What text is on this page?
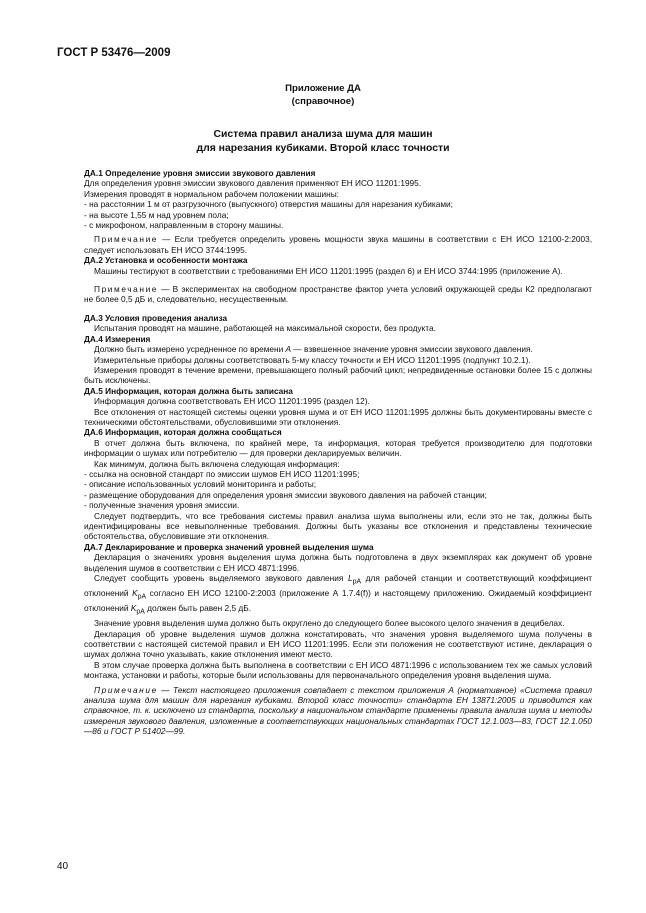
ГОСТ Р 53476—2009
Приложение ДА
(справочное)
Система правил анализа шума для машин
для нарезания кубиками. Второй класс точности

ДА.1 Определение уровня эмиссии звукового давления

Для определения уровня эмиссии звукового давления применяют ЕН ИСО 11201:1995.

Измерения проводят в нормальном рабочем положении машины:

- на расстоянии 1 м от разгрузочного (выпускного) отверстия машины для нарезания кубиками;

- на высоте 1,55 м над уровнем пола;

- с микрофоном, направленным в сторону машины.

Примечание — Если требуется определить уровень мощности звука машины в соответствии с ЕН ИСО 12100-2:2003, следует использовать ЕН ИСО 3744:1995.

ДА.2 Установка и особенности монтажа

Машины тестируют в соответствии с требованиями ЕН ИСО 11201:1995 (раздел 6) и ЕН ИСО 3744:1995 (приложение А).

Примечание — В экспериментах на свободном пространстве фактор учета условий окружающей среды К2 предполагают не более 0,5 дБ и, следовательно, несущественным.

ДА.3 Условия проведения анализа

Испытания проводят на машине, работающей на максимальной скорости, без продукта.

ДА.4 Измерения

Должно быть измерено усредненное по времени A — взвешенное значение уровня эмиссии звукового давления.

Измерительные приборы должны соответствовать 5-му классу точности и ЕН ИСО 11201:1995 (подпункт 10.2.1).

Измерения проводят в течение времени, превышающего полный рабочий цикл; непредвиденные остановки более 15 с должны быть исключены.

ДА.5 Информация, которая должна быть записана

Информация должна соответствовать ЕН ИСО 11201:1995 (раздел 12).

Все отклонения от настоящей системы оценки уровня шума и от ЕН ИСО 11201:1995 должны быть документированы вместе с техническими обстоятельствами, обусловившими эти отклонения.

ДА.6 Информация, которая должна сообщаться

В отчет должна быть включена, по крайней мере, та информация, которая требуется производителю для подготовки информации о шумах или потребителю — для проверки декларируемых величин.

Как минимум, должна быть включена следующая информация:

- ссылка на основной стандарт по эмиссии шумов ЕН ИСО 11201:1995;

- описание использованных условий мониторинга и работы;

- размещение оборудования для определения уровня эмиссии звукового давления на рабочей станции;

- полученные значения уровня эмиссии.

Следует подтвердить, что все требования системы правил анализа шума выполнены или, если это не так, должны быть идентифицированы все невыполненные требования. Должны быть указаны все отклонения и представлены технические обстоятельства, обусловившие эти отклонения.

ДА.7 Декларирование и проверка значений уровней выделения шума

Декларация о значениях уровня выделения шума должна быть подготовлена в двух экземплярах как документ об уровне выделения шумов в соответствии с ЕН ИСО 4871:1996.

Следует сообщить уровень выделяемого звукового давления $L_{pA}$ для рабочей станции и соответствующий коэффициент отклонений $K_{pA}$ согласно ЕН ИСО 12100-2:2003 (приложение А 1.7.4(f)) и настоящему приложению. Ожидаемый коэффициент отклонений $K_{pA}$ должен быть равен 2,5 дБ.

Значение уровня выделения шума должно быть округлено до следующего более высокого целого значения в децибелах.

Декларация об уровне выделения шумов должна констатировать, что значения уровня выделяемого шума получены в соответствии с настоящей системой правил и ЕН ИСО 11201:1995. Если эти положения не соответствуют истине, декларация о шумах должна точно указывать, какие отклонения имеют место.

В этом случае проверка должна быть выполнена в соответствии с ЕН ИСО 4871:1996 с использованием тех же самых условий монтажа, установки и работы, которые были использованы для первоначального определения уровня выделения шума.

Примечание — Текст настоящего приложения совпадает с текстом приложения А (нормативное) «Система правил анализа шума для машин для нарезания кубиками. Второй класс точности» стандарта ЕН 13871:2005 и приводится как справочное, т. к. исключено из стандарта, поскольку в национальном стандарте применены правила анализа шума и методы измерения звукового давления, изложенные в соответствующих национальных стандартах ГОСТ 12.1.003—83, ГОСТ 12.1.050—86 и ГОСТ Р 51402—99.

40
